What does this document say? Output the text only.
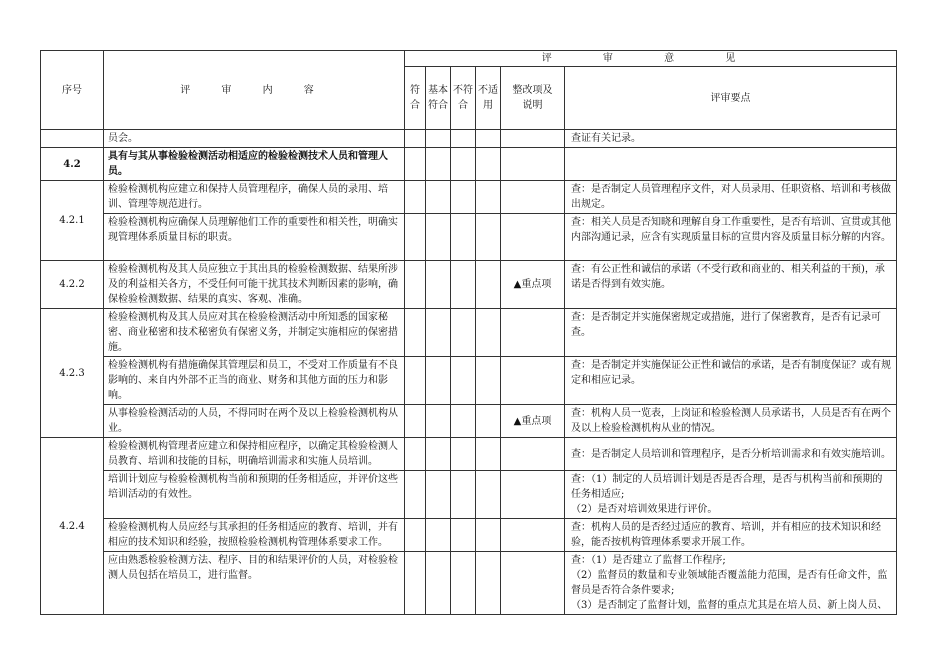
序号	评 审 内 容	评 审 意 见					
		符合	基本符合	不符合	不适用	整改项及说明	评审要点
	员会。						查证有关记录。
4.2	具有与其从事检验检测活动相适应的检验检测技术人员和管理人员。						
4.2.1	检验检测机构应建立和保持人员管理程序，确保人员的录用、培训、管理等规范进行。						查：是否制定人员管理程序文件，对人员录用、任职资格、培训和考核做出规定。
	检验检测机构应确保人员理解他们工作的重要性和相关性，明确实现管理体系质量目标的职责。						查：相关人员是否知晓和理解自身工作重要性，是否有培训、宣贯或其他内部沟通记录，应含有实现质量目标的宣贯内容及质量目标分解的内容。
4.2.2	检验检测机构及其人员应独立于其出具的检验检测数据、结果所涉及的利益相关各方，不受任何可能干扰其技术判断因素的影响，确保检验检测数据、结果的真实、客观、准确。					▲重点项	查：有公正性和诚信的承诺（不受行政和商业的、相关利益的干预)，承诺是否得到有效实施。
4.2.3	检验检测机构及其人员应对其在检验检测活动中所知悉的国家秘密、商业秘密和技术秘密负有保密义务，并制定实施相应的保密措施。						查：是否制定并实施保密规定或措施，进行了保密教育，是否有记录可查。
	检验检测机构有措施确保其管理层和员工，不受对工作质量有不良影响的、来自内外部不正当的商业、财务和其他方面的压力和影响。						查：是否制定并实施保证公正性和诚信的承诺，是否有制度保证？或有规定和相应记录。
	从事检验检测活动的人员，不得同时在两个及以上检验检测机构从业。					▲重点项	查：机构人员一览表，上岗证和检验检测人员承诺书，人员是否有在两个及以上检验检测机构从业的情况。
4.2.4	检验检测机构管理者应建立和保持相应程序，以确定其检验检测人员教育、培训和技能的目标，明确培训需求和实施人员培训。						查：是否制定人员培训和管理程序，是否分析培训需求和有效实施培训。
	培训计划应与检验检测机构当前和预期的任务相适应，并评价这些培训活动的有效性。						查：（1）制定的人员培训计划是否是否合理，是否与机构当前和预期的任务相适应;
（2）是否对培训效果进行评价。
	检验检测机构人员应经与其承担的任务相适应的教育、培训，并有相应的技术知识和经验，按照检验检测机构管理体系要求工作。						查：机构人员的是否经过适应的教育、培训，并有相应的技术知识和经验，能否按机构管理体系要求开展工作。
	应由熟悉检验检测方法、程序、目的和结果评价的人员，对检验检测人员包括在培员工，进行监督。						查：（1）是否建立了监督工作程序;
（2）监督员的数量和专业领域能否覆盖能力范围，是否有任命文件，监督员是否符合条件要求;
（3）是否制定了监督计划，监督的重点尤其是在培人员、新上岗人员、
